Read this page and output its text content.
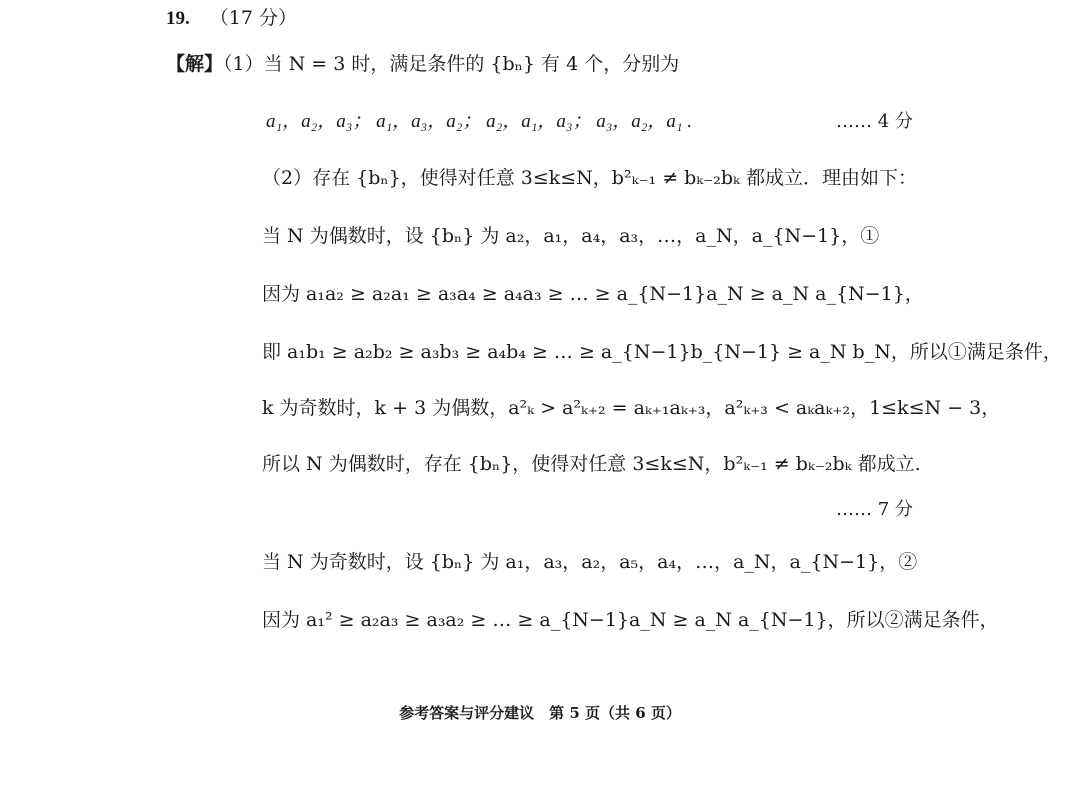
19. （17 分）
【解】（1）当 N = 3 时，满足条件的 {bₙ} 有 4 个，分别为
a₁，a₂，a₃； a₁，a₃，a₂； a₂，a₁，a₃； a₃，a₂，a₁ .	…… 4 分
（2）存在 {bₙ}，使得对任意 3≤k≤N，b²ₖ₋₁ ≠ bₖ₋₂bₖ 都成立．理由如下：
当 N 为偶数时，设 {bₙ} 为 a₂，a₁，a₄，a₃，…，a_N，a_{N−1}，①
因为 a₁a₂ ≥ a₂a₁ ≥ a₃a₄ ≥ a₄a₃ ≥ … ≥ a_{N−1}a_N ≥ a_N a_{N−1}，
即 a₁b₁ ≥ a₂b₂ ≥ a₃b₃ ≥ a₄b₄ ≥ … ≥ a_{N−1}b_{N−1} ≥ a_N b_N，所以①满足条件，
k 为奇数时，k + 3 为偶数，a²ₖ > a²ₖ₊₂ = aₖ₊₁aₖ₊₃，a²ₖ₊₃ < aₖaₖ₊₂，1≤k≤N − 3，
所以 N 为偶数时，存在 {bₙ}，使得对任意 3≤k≤N，b²ₖ₋₁ ≠ bₖ₋₂bₖ 都成立.
…… 7 分
当 N 为奇数时，设 {bₙ} 为 a₁，a₃，a₂，a₅，a₄，…，a_N，a_{N−1}，②
因为 a₁² ≥ a₂a₃ ≥ a₃a₂ ≥ … ≥ a_{N−1}a_N ≥ a_N a_{N−1}，所以②满足条件，
参考答案与评分建议　第 5 页（共 6 页）
